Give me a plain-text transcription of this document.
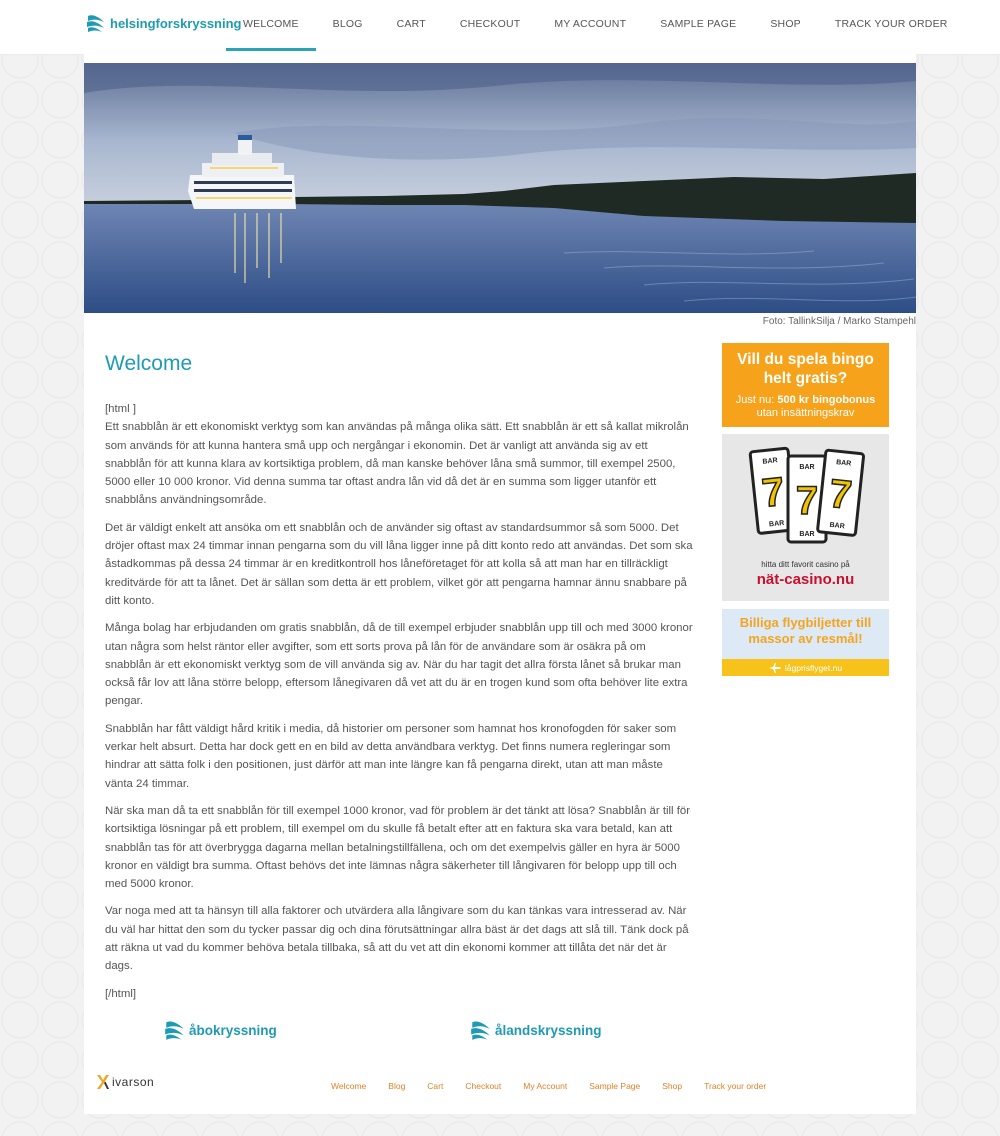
helsingforskryssning WELCOME	BLOG	CART	CHECKOUT	MY ACCOUNT	SAMPLE PAGE	SHOP	TRACK YOUR ORDER
Foto: TallinkSilja / Marko Stampehl
Welcome

[html ]

Ett snabblån är ett ekonomiskt verktyg som kan användas på många olika sätt. Ett snabblån är ett så kallat mikrolån som används för att kunna hantera små upp och nergångar i ekonomin. Det är vanligt att använda sig av ett snabblån för att kunna klara av kortsiktiga problem, då man kanske behöver låna små summor, till exempel 2500, 5000 eller 10 000 kronor. Vid denna summa tar oftast andra lån vid då det är en summa som ligger utanför ett snabblåns användningsområde.

Det är väldigt enkelt att ansöka om ett snabblån och de använder sig oftast av standardsummor så som 5000. Det dröjer oftast max 24 timmar innan pengarna som du vill låna ligger inne på ditt konto redo att användas. Det som ska åstadkommas på dessa 24 timmar är en kreditkontroll hos låneföretaget för att kolla så att man har en tillräckligt kreditvärde för att ta lånet. Det är sällan som detta är ett problem, vilket gör att pengarna hamnar ännu snabbare på ditt konto.

Många bolag har erbjudanden om gratis snabblån, då de till exempel erbjuder snabblån upp till och med 3000 kronor utan några som helst räntor eller avgifter, som ett sorts prova på lån för de användare som är osäkra på om snabblån är ett ekonomiskt verktyg som de vill använda sig av. När du har tagit det allra första lånet så brukar man också får lov att låna större belopp, eftersom lånegivaren då vet att du är en trogen kund som ofta behöver lite extra pengar.

Snabblån har fått väldigt hård kritik i media, då historier om personer som hamnat hos kronofogden för saker som verkar helt absurt. Detta har dock gett en en bild av detta användbara verktyg. Det finns numera regleringar som hindrar att sätta folk i den positionen, just därför att man inte längre kan få pengarna direkt, utan att man måste vänta 24 timmar.

När ska man då ta ett snabblån för till exempel 1000 kronor, vad för problem är det tänkt att lösa? Snabblån är till för kortsiktiga lösningar på ett problem, till exempel om du skulle få betalt efter att en faktura ska vara betald, kan att snabblån tas för att överbrygga dagarna mellan betalningstillfällena, och om det exempelvis gäller en hyra är 5000 kronor en väldigt bra summa. Oftast behövs det inte lämnas några säkerheter till långivaren för belopp upp till och med 5000 kronor.

Var noga med att ta hänsyn till alla faktorer och utvärdera alla långivare som du kan tänkas vara intresserad av. När du väl har hittat den som du tycker passar dig och dina förutsättningar allra bäst är det dags att slå till. Tänk dock på att räkna ut vad du kommer behöva betala tillbaka, så att du vet att din ekonomi kommer att tillåta det när det är dags.

[/html]

Vill du spela bingo helt gratis?
Just nu: 500 kr bingobonus
utan insättningskrav
BAR
7
BAR
BAR
7
BAR
BAR
7
BAR
hitta ditt favorit casino på
nät-casino.nu
Billiga flygbiljetter till massor av resmål!
lågprisflyget.nu
åbokryssning	ålandskryssning
ivarson	Welcome	Blog	Cart	Checkout	My Account	Sample Page	Shop	Track your order
